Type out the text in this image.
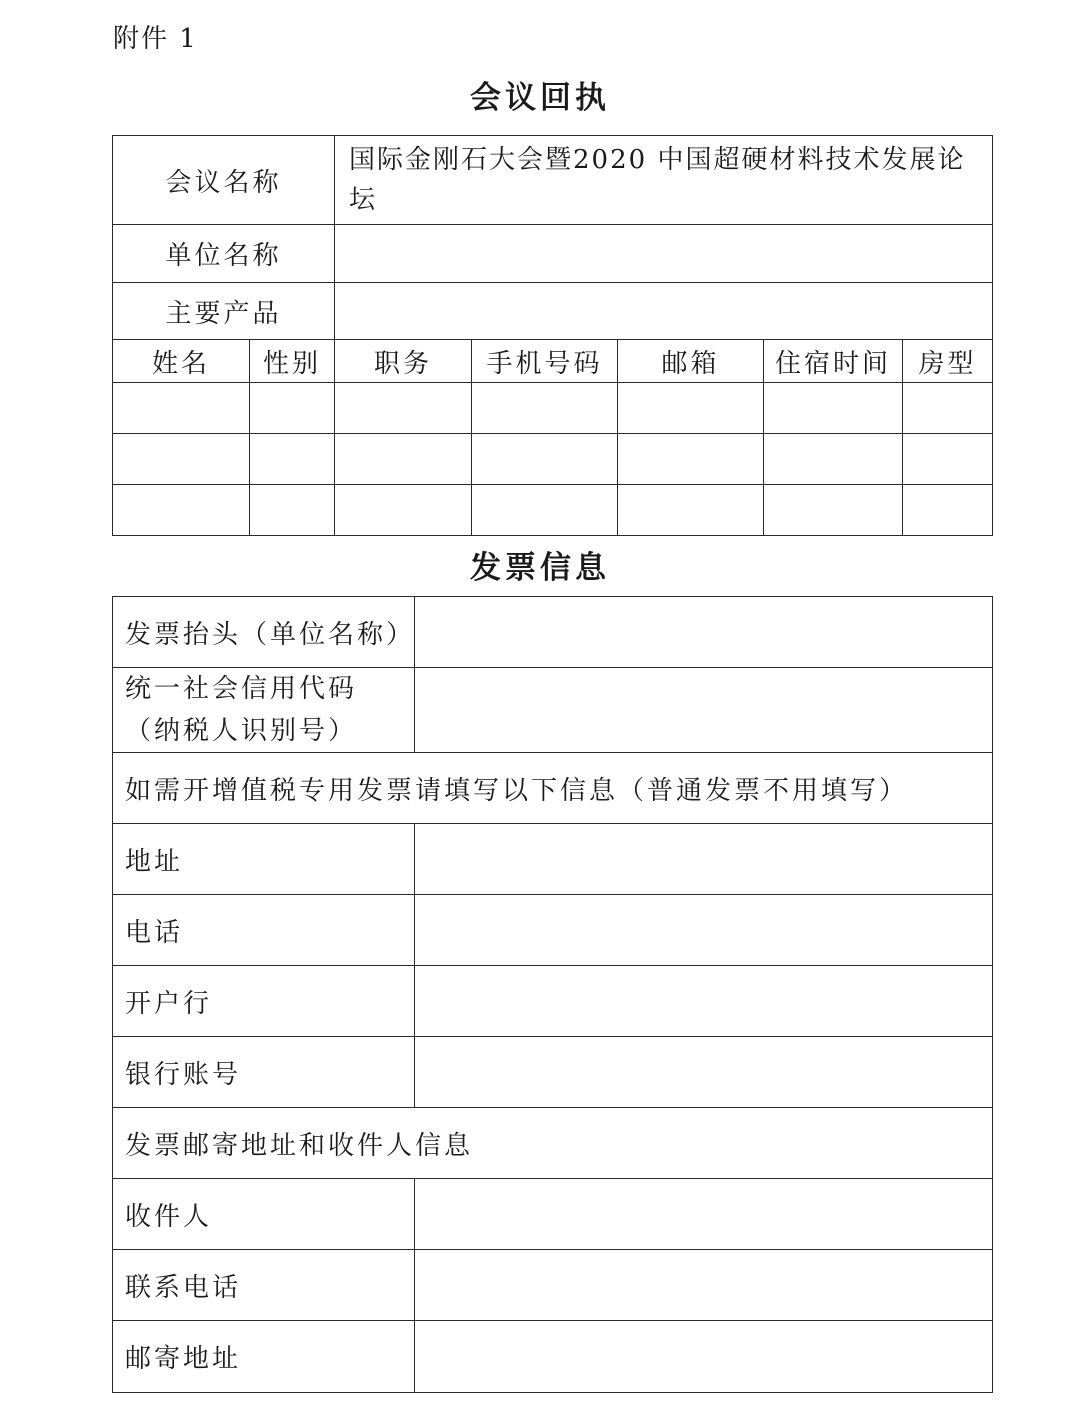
附件 1
会议回执
会议名称		国际金刚石大会暨2020 中国超硬材料技术发展论坛				
单位名称						
主要产品						
姓名	性别	职务	手机号码	邮箱	住宿时间	房型

发票信息
发票抬头（单位名称）	

统一社会信用代码
（纳税人识别号）	

如需开增值税专用发票请填写以下信息（普通发票不用填写）	
地址	
电话	
开户行	
银行账号	
发票邮寄地址和收件人信息	
收件人	
联系电话	
邮寄地址	
